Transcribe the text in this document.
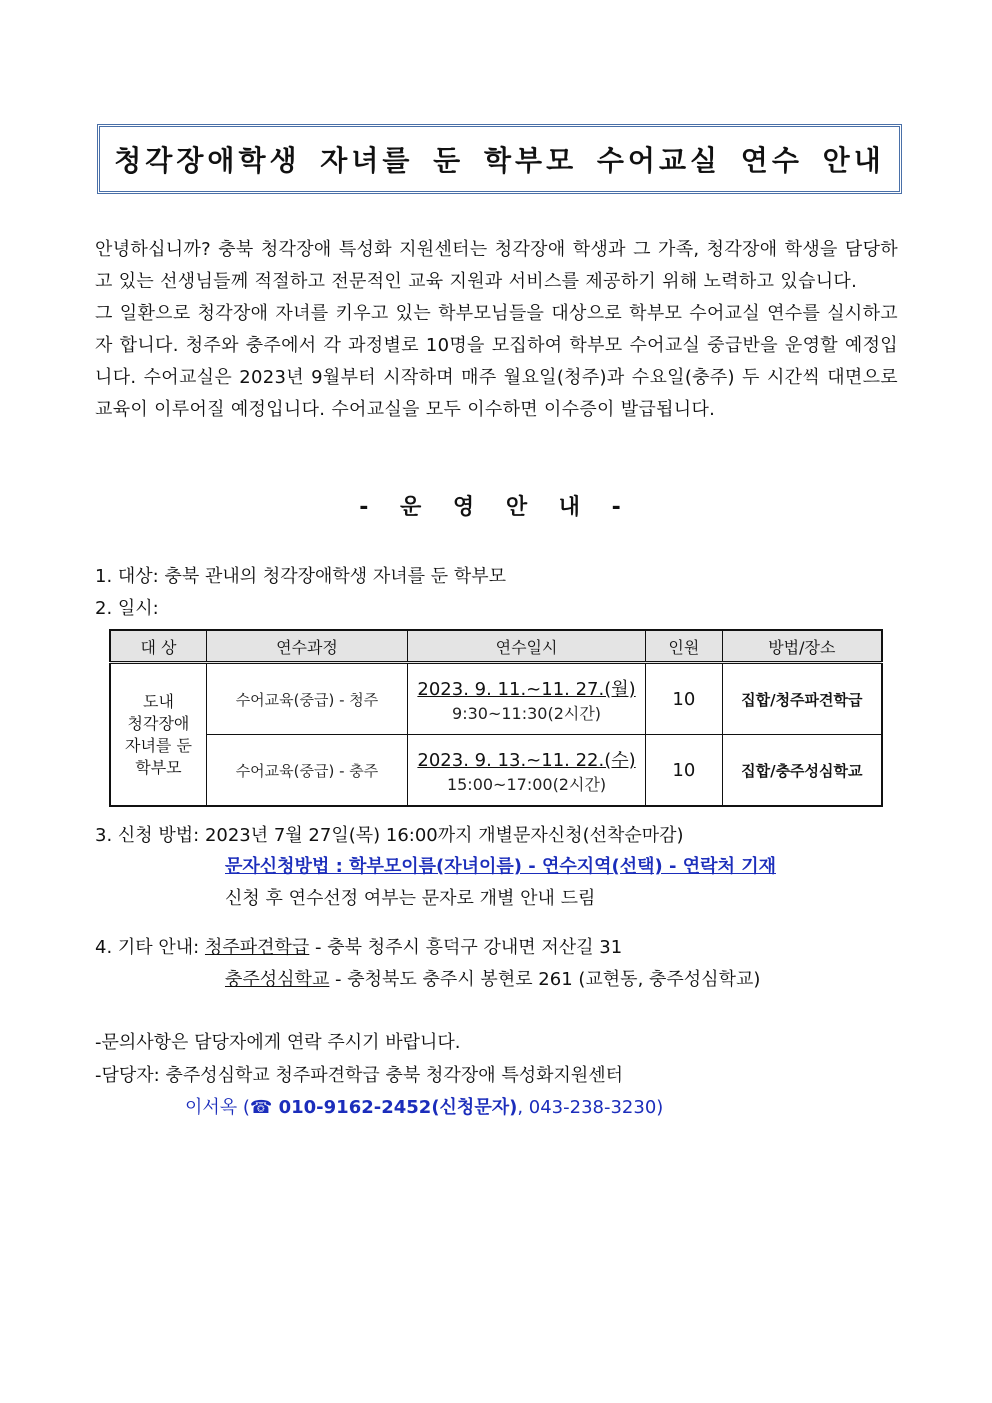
청각장애학생 자녀를 둔 학부모 수어교실 연수 안내

안녕하십니까? 충북 청각장애 특성화 지원센터는 청각장애 학생과 그 가족, 청각장애 학생을 담당하고 있는 선생님들께 적절하고 전문적인 교육 지원과 서비스를 제공하기 위해 노력하고 있습니다.

그 일환으로 청각장애 자녀를 키우고 있는 학부모님들을 대상으로 학부모 수어교실 연수를 실시하고자 합니다. 청주와 충주에서 각 과정별로 10명을 모집하여 학부모 수어교실 중급반을 운영할 예정입니다. 수어교실은 2023년 9월부터 시작하며 매주 월요일(청주)과 수요일(충주) 두 시간씩 대면으로 교육이 이루어질 예정입니다. 수어교실을 모두 이수하면 이수증이 발급됩니다.

- 운 영 안 내 -
1. 대상: 충북 관내의 청각장애학생 자녀를 둔 학부모
2. 일시:
대 상	연수과정	연수일시	인원	방법/장소
도내
청각장애
자녀를 둔
학부모	수어교육(중급) - 청주	2023. 9. 11.~11. 27.(월)
9:30~11:30(2시간)	10	집합/청주파견학급
	수어교육(중급) - 충주	2023. 9. 13.~11. 22.(수)
15:00~17:00(2시간)	10	집합/충주성심학교
3. 신청 방법: 2023년 7월 27일(목) 16:00까지 개별문자신청(선착순마감)
문자신청방법 : 학부모이름(자녀이름) - 연수지역(선택) - 연락처 기재
신청 후 연수선정 여부는 문자로 개별 안내 드림
4. 기타 안내: 청주파견학급 - 충북 청주시 흥덕구 강내면 저산길 31
충주성심학교 - 충청북도 충주시 봉현로 261 (교현동, 충주성심학교)
-문의사항은 담당자에게 연락 주시기 바랍니다.
-담당자: 충주성심학교 청주파견학급 충북 청각장애 특성화지원센터
이서옥 (☎ 010-9162-2452(신청문자), 043-238-3230)
